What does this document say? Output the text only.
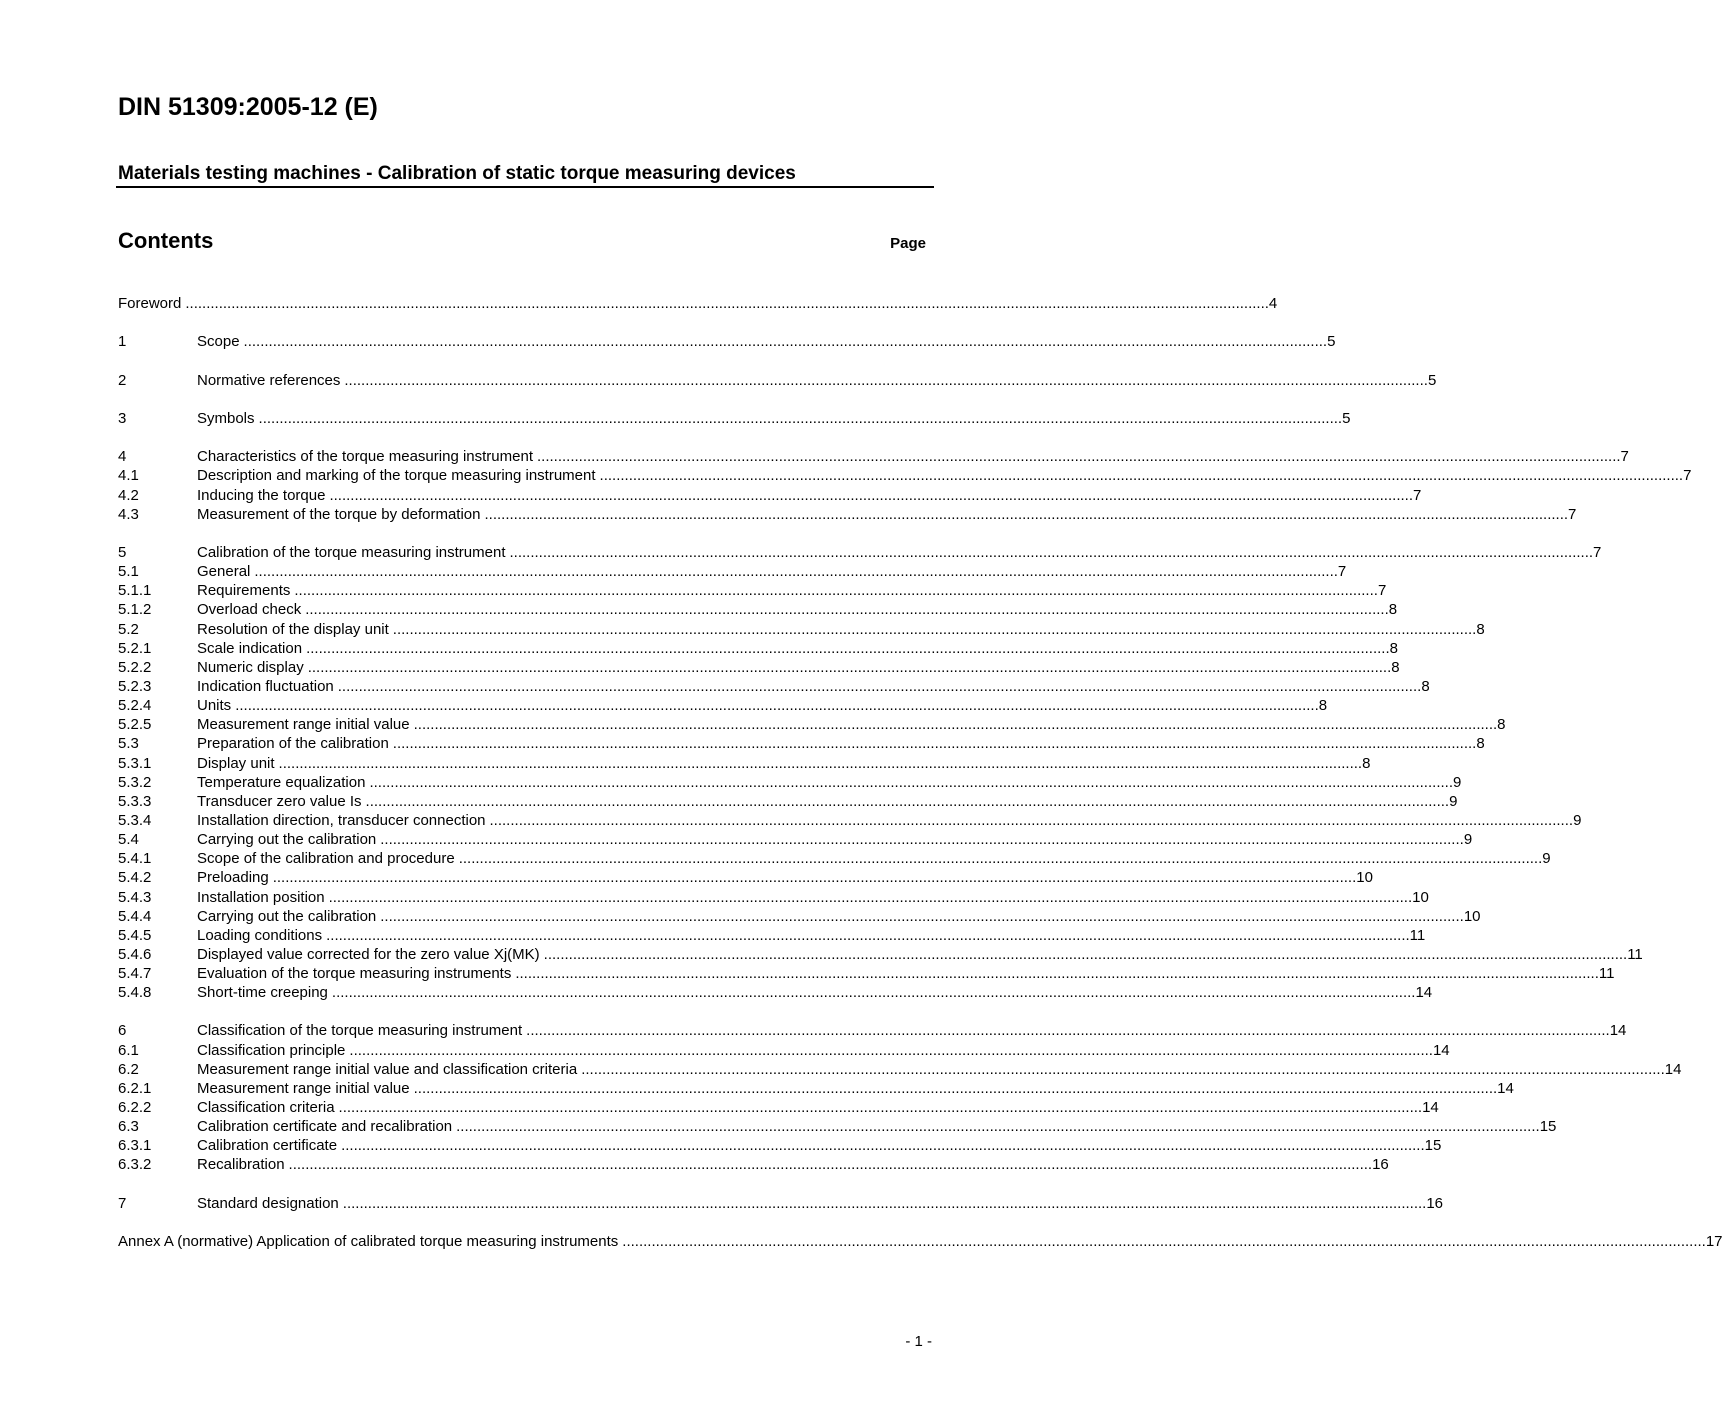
DIN 51309:2005-12 (E)
Materials testing machines - Calibration of static torque measuring devices
Contents	Page
Foreword .................................................................................................................................................................................................................................................................... 4
1	Scope .................................................................................................................................................................................................................................................................... 5
2	Normative references .................................................................................................................................................................................................................................................................... 5
3	Symbols .................................................................................................................................................................................................................................................................... 5
4	Characteristics of the torque measuring instrument .................................................................................................................................................................................................................................................................... 7
4.1	Description and marking of the torque measuring instrument .................................................................................................................................................................................................................................................................... 7
4.2	Inducing the torque .................................................................................................................................................................................................................................................................... 7
4.3	Measurement of the torque by deformation .................................................................................................................................................................................................................................................................... 7
5	Calibration of the torque measuring instrument .................................................................................................................................................................................................................................................................... 7
5.1	General .................................................................................................................................................................................................................................................................... 7
5.1.1	Requirements .................................................................................................................................................................................................................................................................... 7
5.1.2	Overload check .................................................................................................................................................................................................................................................................... 8
5.2	Resolution of the display unit .................................................................................................................................................................................................................................................................... 8
5.2.1	Scale indication .................................................................................................................................................................................................................................................................... 8
5.2.2	Numeric display .................................................................................................................................................................................................................................................................... 8
5.2.3	Indication fluctuation .................................................................................................................................................................................................................................................................... 8
5.2.4	Units .................................................................................................................................................................................................................................................................... 8
5.2.5	Measurement range initial value .................................................................................................................................................................................................................................................................... 8
5.3	Preparation of the calibration .................................................................................................................................................................................................................................................................... 8
5.3.1	Display unit .................................................................................................................................................................................................................................................................... 8
5.3.2	Temperature equalization .................................................................................................................................................................................................................................................................... 9
5.3.3	Transducer zero value Is .................................................................................................................................................................................................................................................................... 9
5.3.4	Installation direction, transducer connection .................................................................................................................................................................................................................................................................... 9
5.4	Carrying out the calibration .................................................................................................................................................................................................................................................................... 9
5.4.1	Scope of the calibration and procedure .................................................................................................................................................................................................................................................................... 9
5.4.2	Preloading .................................................................................................................................................................................................................................................................... 10
5.4.3	Installation position .................................................................................................................................................................................................................................................................... 10
5.4.4	Carrying out the calibration .................................................................................................................................................................................................................................................................... 10
5.4.5	Loading conditions .................................................................................................................................................................................................................................................................... 11
5.4.6	Displayed value corrected for the zero value Xj(MK) .................................................................................................................................................................................................................................................................... 11
5.4.7	Evaluation of the torque measuring instruments .................................................................................................................................................................................................................................................................... 11
5.4.8	Short-time creeping .................................................................................................................................................................................................................................................................... 14
6	Classification of the torque measuring instrument .................................................................................................................................................................................................................................................................... 14
6.1	Classification principle .................................................................................................................................................................................................................................................................... 14
6.2	Measurement range initial value and classification criteria .................................................................................................................................................................................................................................................................... 14
6.2.1	Measurement range initial value .................................................................................................................................................................................................................................................................... 14
6.2.2	Classification criteria .................................................................................................................................................................................................................................................................... 14
6.3	Calibration certificate and recalibration .................................................................................................................................................................................................................................................................... 15
6.3.1	Calibration certificate .................................................................................................................................................................................................................................................................... 15
6.3.2	Recalibration .................................................................................................................................................................................................................................................................... 16
7	Standard designation .................................................................................................................................................................................................................................................................... 16
Annex A (normative) Application of calibrated torque measuring instruments .................................................................................................................................................................................................................................................................... 17
- 1 -
